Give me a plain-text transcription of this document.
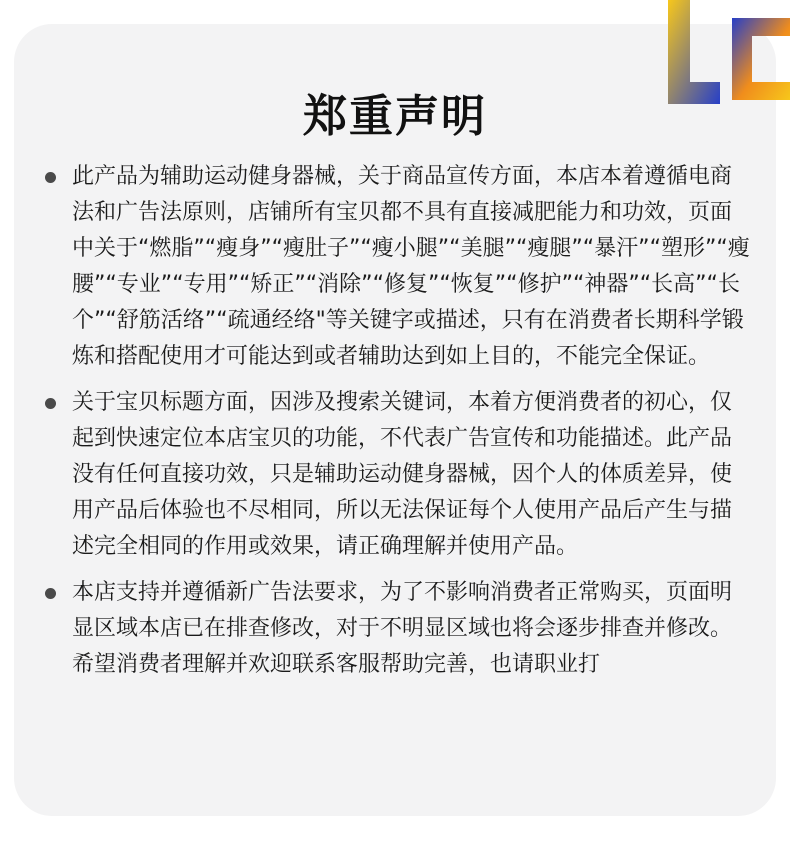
郑重声明
此产品为辅助运动健身器械，关于商品宣传方面，本店本着遵循电商法和广告法原则，店铺所有宝贝都不具有直接减肥能力和功效，页面中关于“燃脂”“瘦身”“瘦肚子”“瘦小腿”“美腿”“瘦腿”“暴汗”“塑形”“瘦腰”“专业”“专用”“矫正”“消除”“修复”“恢复”“修护”“神器”“长高”“长个”“舒筋活络”“疏通经络"等关键字或描述，只有在消费者长期科学锻炼和搭配使用才可能达到或者辅助达到如上目的，不能完全保证。
关于宝贝标题方面，因涉及搜索关键词，本着方便消费者的初心，仅起到快速定位本店宝贝的功能，不代表广告宣传和功能描述。此产品没有任何直接功效，只是辅助运动健身器械，因个人的体质差异，使用产品后体验也不尽相同，所以无法保证每个人使用产品后产生与描述完全相同的作用或效果，请正确理解并使用产品。
本店支持并遵循新广告法要求，为了不影响消费者正常购买，页面明显区域本店已在排查修改，对于不明显区域也将会逐步排查并修改。希望消费者理解并欢迎联系客服帮助完善，也请职业打
